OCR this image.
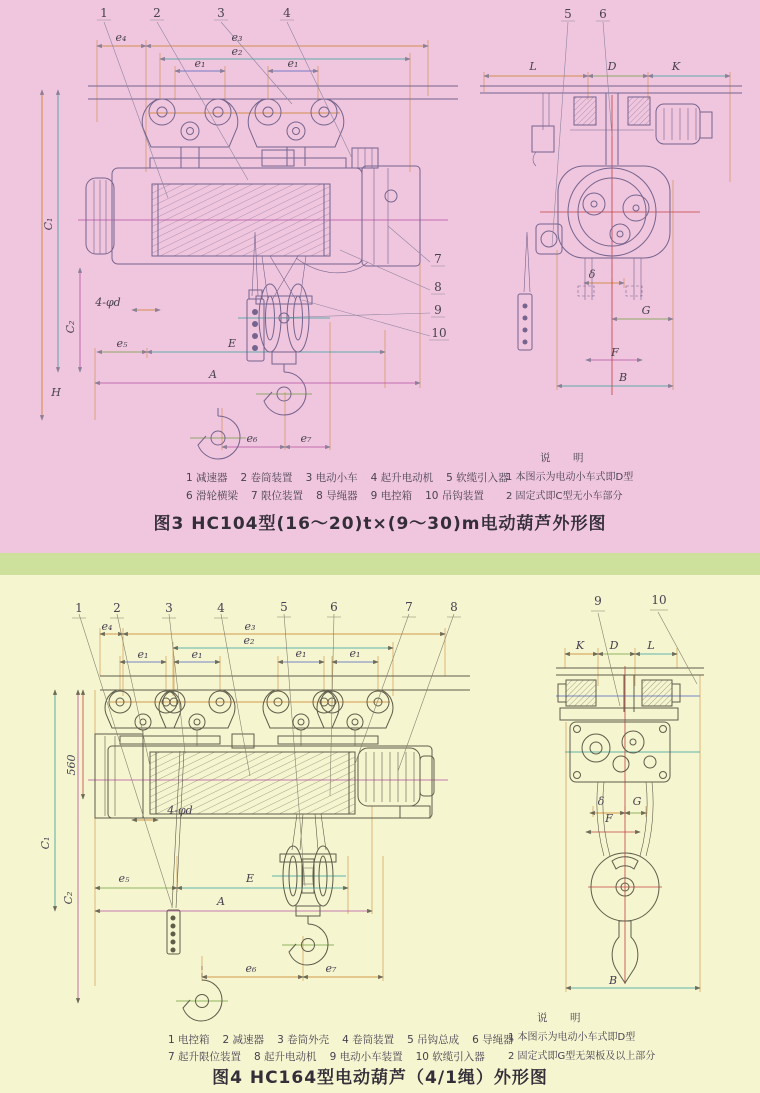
1	2	3	4	5 6
7
8
9
10
e₄	e₃
e₂
e₁	e₁
C₁
C₂
H
4-φd
e₅	E
A
e₆	e₇
L	D	K
δ
G
F
B
1	2	3	4	5	6	7	8	9	10
e₄	e₃
e₂
e₁	e₁	e₁	e₁
560
C₁
C₂
4-φd
e₅	E
A
e₆	e₇
K D	L
δ	G
F
B
1 减速器 2 卷筒装置 3 电动小车 4 起升电动机 5 软缆引入器
6 滑轮横梁 7 限位装置 8 导绳器 9 电控箱 10 吊钩装置
说　明
1 本图示为电动小车式即D型
2 固定式即C型无小车部分
图3 HC104型(16～20)t×(9～30)m电动葫芦外形图
1 电控箱 2 减速器 3 卷筒外壳 4 卷筒装置 5 吊钩总成 6 导绳器
7 起升限位装置 8 起升电动机 9 电动小车装置 10 软缆引入器
说　明
1 本图示为电动小车式即D型
2 固定式即G型无架板及以上部分
图4 HC164型电动葫芦（4/1绳）外形图
